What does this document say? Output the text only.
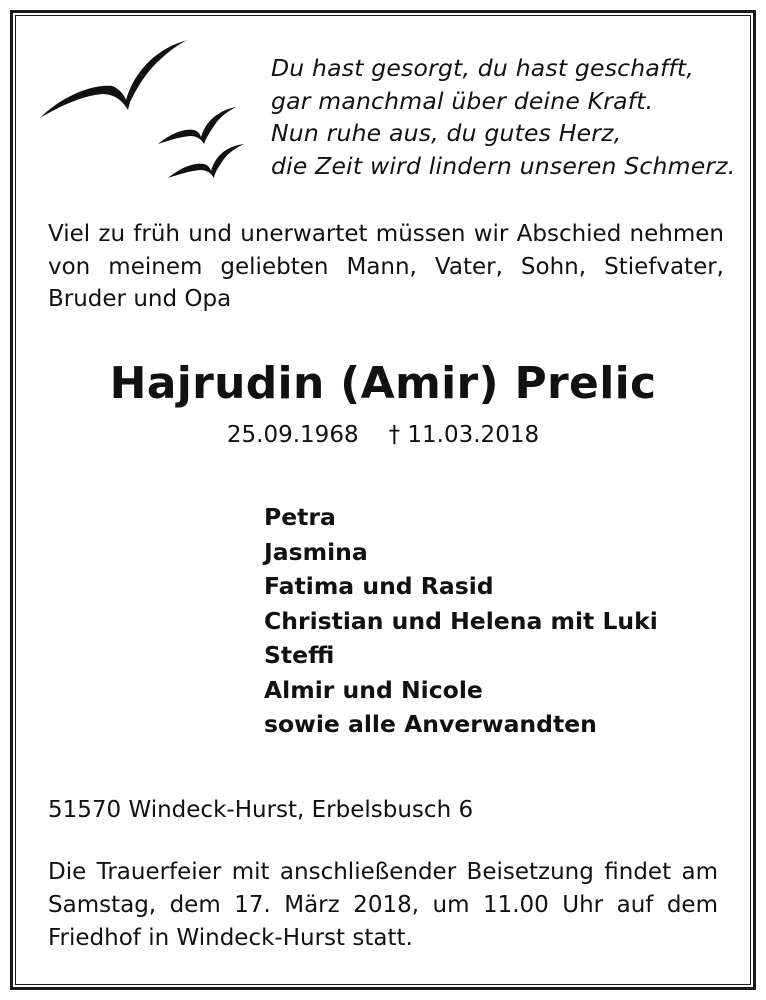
Du hast gesorgt, du hast geschafft,
gar manchmal über deine Kraft.
Nun ruhe aus, du gutes Herz,
die Zeit wird lindern unseren Schmerz.
Viel zu früh und unerwartet müssen wir Abschied nehmen von meinem geliebten Mann, Vater, Sohn, Stiefvater, Bruder und Opa
Hajrudin (Amir) Prelic
25.09.1968 † 11.03.2018
Petra
Jasmina
Fatima und Rasid
Christian und Helena mit Luki
Steffi
Almir und Nicole
sowie alle Anverwandten
51570 Windeck-Hurst, Erbelsbusch 6
Die Trauerfeier mit anschließender Beisetzung findet am Samstag, dem 17. März 2018, um 11.00 Uhr auf dem Friedhof in Windeck-Hurst statt.
